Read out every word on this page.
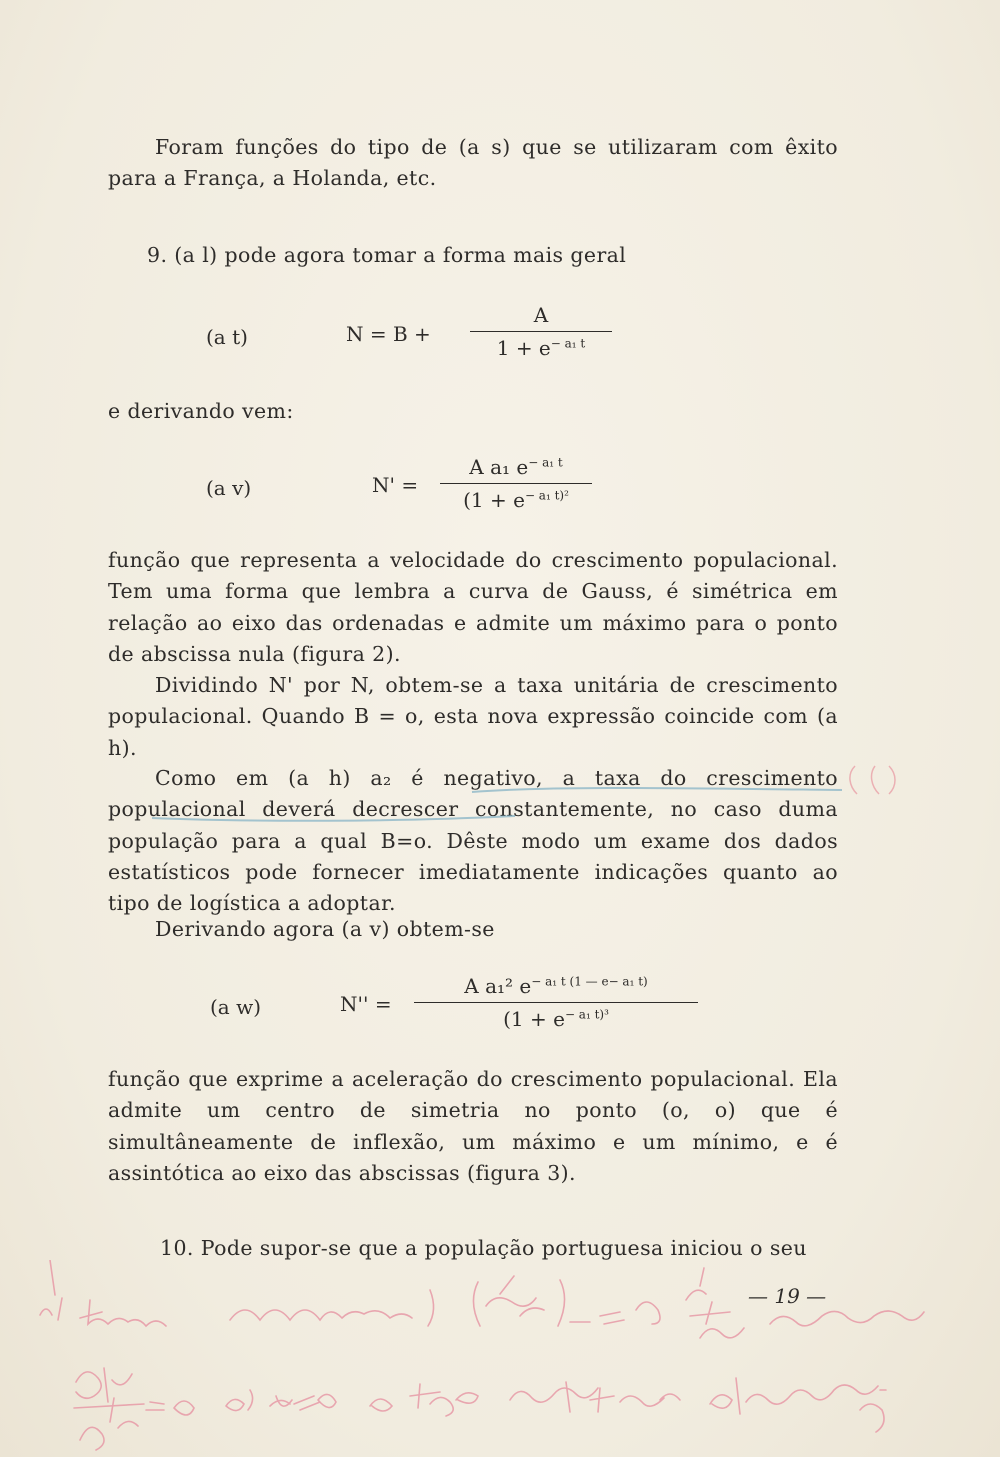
Foram funções do tipo de (a s) que se utilizaram com êxito para a França, a Holanda, etc.

9. (a l) pode agora tomar a forma mais geral

(a t)	$N = B + \frac{A}{1 + e^{- a_1 t}}$

e derivando vem:

(a v)	$N' = \frac{A a_1 e^{- a_1 t}}{(1 + e^{- a_1 t)^2}}$

função que representa a velocidade do crescimento populacional. Tem uma forma que lembra a curva de Gauss, é simétrica em relação ao eixo das ordenadas e admite um máximo para o ponto de abscissa nula (figura 2).

Dividindo N' por N, obtem-se a taxa unitária de crescimento populacional. Quando B = o, esta nova expressão coincide com (a h).

Como em (a h) a₂ é negativo, a taxa do crescimento populacional deverá decrescer constantemente, no caso duma população para a qual B=o. Dêste modo um exame dos dados estatísticos pode fornecer imediatamente indicações quanto ao tipo de logística a adoptar.

Derivando agora (a v) obtem-se

(a w)	$N'' = \frac{A a_1^2 e^{- a_1 t (1 — e- a_1 t)}}{(1 + e^{- a_1 t)^3}}$

função que exprime a aceleração do crescimento populacional. Ela admite um centro de simetria no ponto (o, o) que é simultâneamente de inflexão, um máximo e um mínimo, e é assintótica ao eixo das abscissas (figura 3).

10. Pode supor-se que a população portuguesa iniciou o seu

— 19 —
